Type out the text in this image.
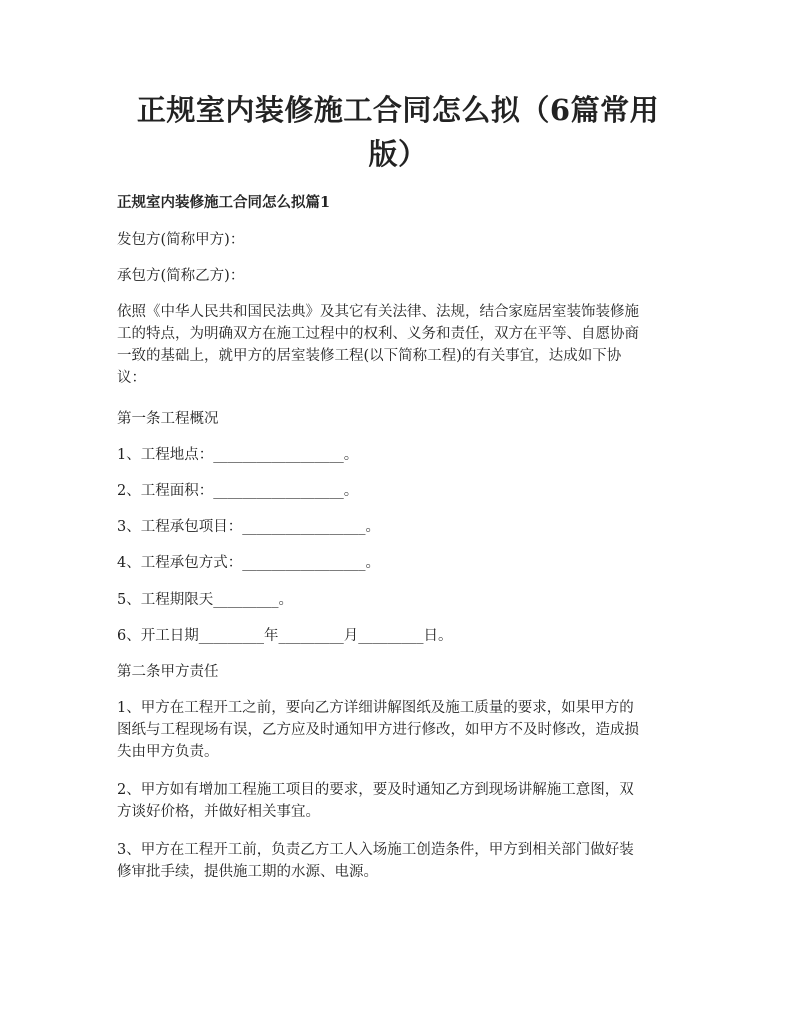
正规室内装修施工合同怎么拟（6篇常用
版）

正规室内装修施工合同怎么拟篇1

发包方(简称甲方)：

承包方(简称乙方)：

依照《中华人民共和国民法典》及其它有关法律、法规，结合家庭居室装饰装修施
工的特点，为明确双方在施工过程中的权利、义务和责任，双方在平等、自愿协商
一致的基础上，就甲方的居室装修工程(以下简称工程)的有关事宜，达成如下协
议：

第一条工程概况

1、工程地点：__________________。

2、工程面积：__________________。

3、工程承包项目：_________________。

4、工程承包方式：_________________。

5、工程期限天_________。

6、开工日期_________年_________月_________日。

第二条甲方责任

1、甲方在工程开工之前，要向乙方详细讲解图纸及施工质量的要求，如果甲方的
图纸与工程现场有误，乙方应及时通知甲方进行修改，如甲方不及时修改，造成损
失由甲方负责。
2、甲方如有增加工程施工项目的要求，要及时通知乙方到现场讲解施工意图，双
方谈好价格，并做好相关事宜。
3、甲方在工程开工前，负责乙方工人入场施工创造条件，甲方到相关部门做好装
修审批手续，提供施工期的水源、电源。
